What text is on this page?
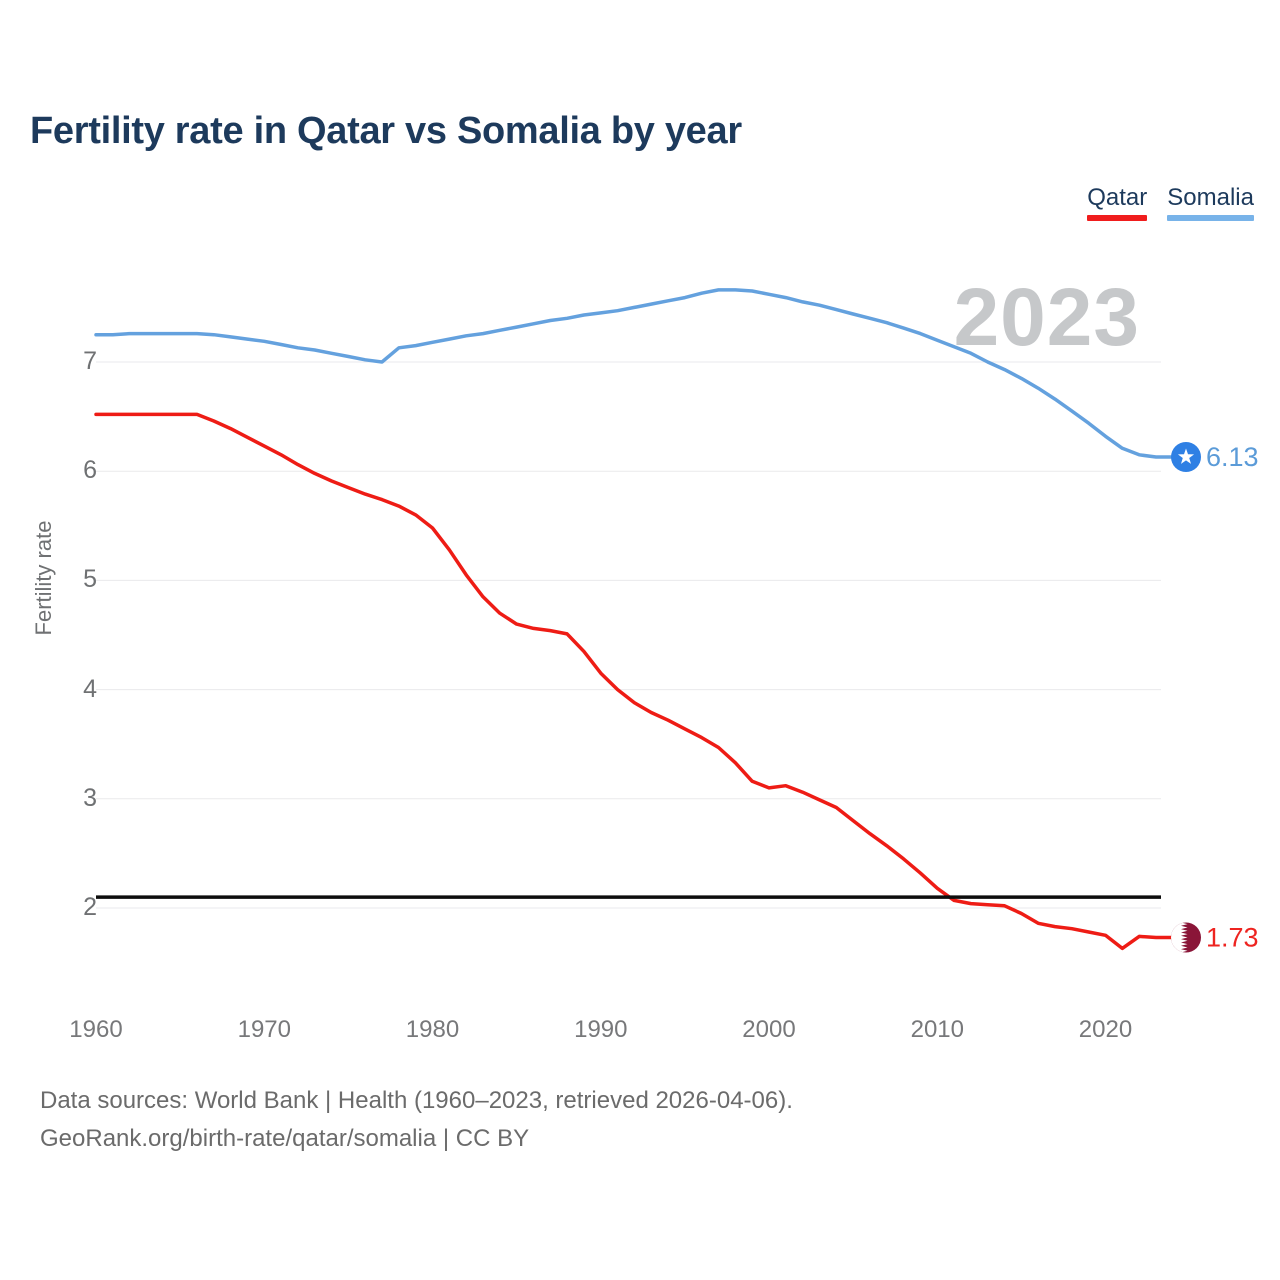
Fertility rate in Qatar vs Somalia by year
Qatar Somalia
2023
6.13
1.73
Fertility rate
2
3
4
5
6
7
1960	1970	1980	1990	2000	2010	2020
Data sources: World Bank | Health (1960–2023, retrieved 2026-04-06).
GeoRank.org/birth-rate/qatar/somalia | CC BY
